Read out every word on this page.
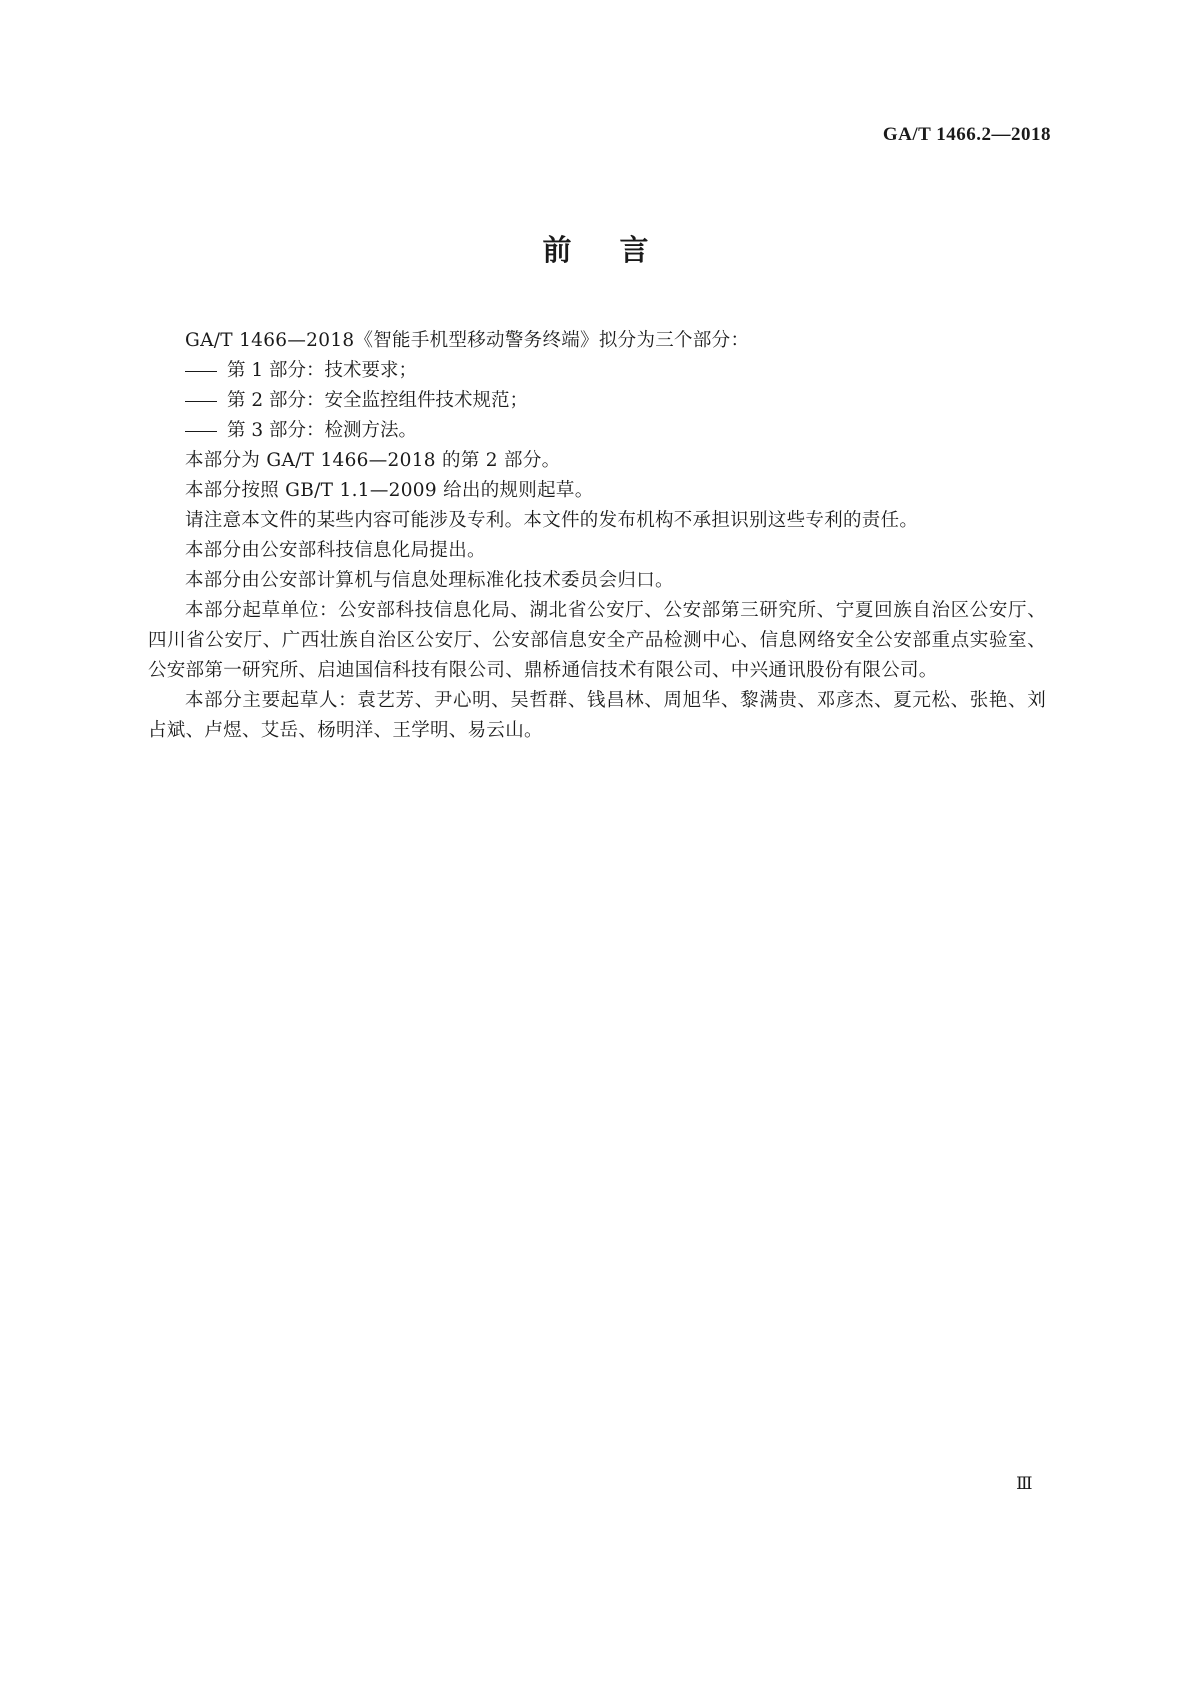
GA/T 1466.2—2018
前言

GA/T 1466—2018《智能手机型移动警务终端》拟分为三个部分：

第 1 部分：技术要求；
第 2 部分：安全监控组件技术规范；
第 3 部分：检测方法。

本部分为 GA/T 1466—2018 的第 2 部分。

本部分按照 GB/T 1.1—2009 给出的规则起草。

请注意本文件的某些内容可能涉及专利。本文件的发布机构不承担识别这些专利的责任。

本部分由公安部科技信息化局提出。

本部分由公安部计算机与信息处理标准化技术委员会归口。

本部分起草单位：公安部科技信息化局、湖北省公安厅、公安部第三研究所、宁夏回族自治区公安厅、四川省公安厅、广西壮族自治区公安厅、公安部信息安全产品检测中心、信息网络安全公安部重点实验室、公安部第一研究所、启迪国信科技有限公司、鼎桥通信技术有限公司、中兴通讯股份有限公司。

本部分主要起草人：袁艺芳、尹心明、吴哲群、钱昌林、周旭华、黎满贵、邓彦杰、夏元松、张艳、刘占斌、卢煜、艾岳、杨明洋、王学明、易云山。

Ⅲ
